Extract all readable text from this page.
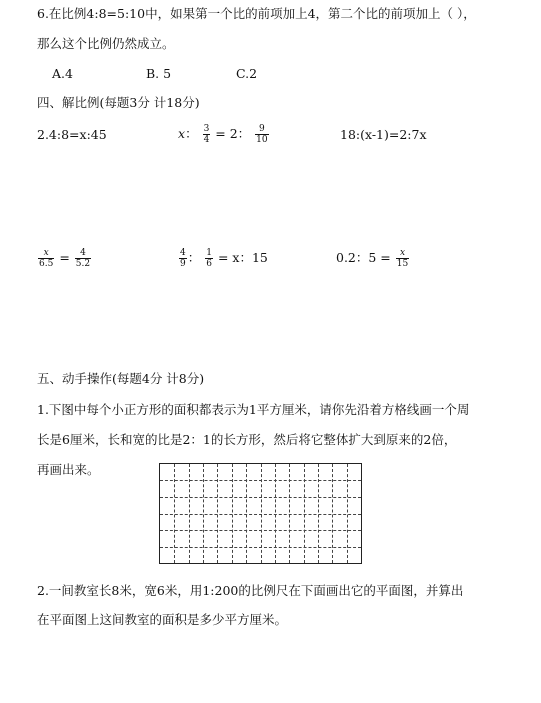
6.在比例4:8=5:10中，如果第一个比的前项加上4，第二个比的前项加上（ ），
那么这个比例仍然成立。
A.4	B. 5	C.2
四、解比例(每题3分 计18分)
2.4:8=x:45	x： $\frac{3}{4} = 2$： $\frac{9}{10}$	18:(x-1)=2:7x
$\frac{x}{6.5} = \frac{4}{5.2}$	$\frac{4}{9}$ ： $\frac{1}{6} = x$：15	0.2：$5 = \frac{x}{15}$
五、动手操作(每题4分 计8分)
1.下图中每个小正方形的面积都表示为1平方厘米，请你先沿着方格线画一个周
长是6厘米，长和宽的比是2：1的长方形，然后将它整体扩大到原来的2倍，
再画出来。
2.一间教室长8米，宽6米，用1:200的比例尺在下面画出它的平面图，并算出
在平面图上这间教室的面积是多少平方厘米。
